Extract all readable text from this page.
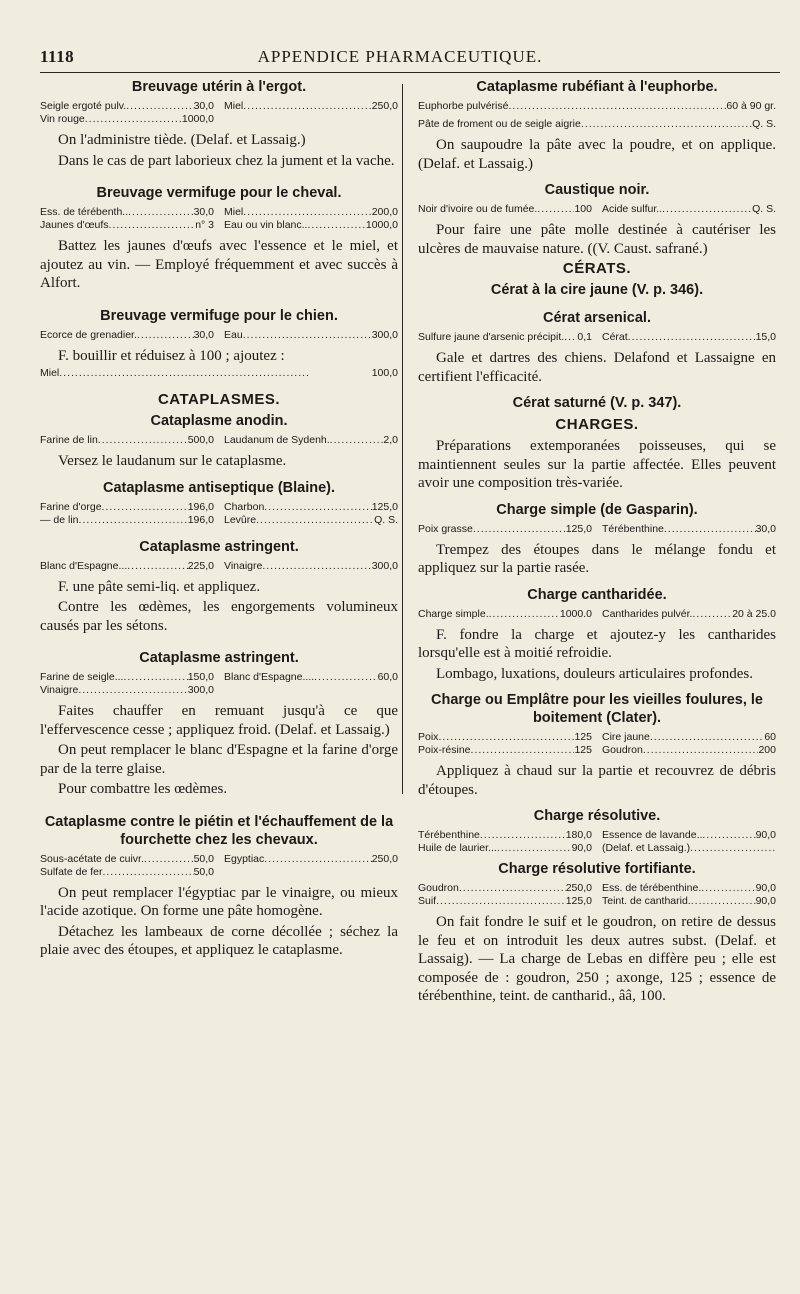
1118	APPENDICE PHARMACEUTIQUE.
Breuvage utérin à l'ergot.
Seigle ergoté pulv. .....	30,0 Miel .....	250,0
Vin rouge .....	1000,0

On l'administre tiède. (Delaf. et Lassaig.)

Dans le cas de part laborieux chez la jument et la vache.

Breuvage vermifuge pour le cheval.
Ess. de térébenth.. .....	30,0 Miel .....	200,0
Jaunes d'œufs .....	n° 3 Eau ou vin blanc.. .....	1000,0

Battez les jaunes d'œufs avec l'essence et le miel, et ajoutez au vin. — Employé fréquemment et avec succès à Alfort.

Breuvage vermifuge pour le chien.
Ecorce de grenadier. .....	30,0 Eau .....	300,0

F. bouillir et réduisez à 100 ; ajoutez :

Miel .....	100,0
CATAPLASMES.
Cataplasme anodin.
Farine de lin .....	500,0 Laudanum de Sydenh. .....	2,0

Versez le laudanum sur le cataplasme.

Cataplasme antiseptique (Blaine).
Farine d'orge .....	196,0 Charbon .....	125,0
— de lin .....	196,0 Levûre .....	Q. S.
Cataplasme astringent.
Blanc d'Espagne... .....	225,0 Vinaigre .....	300,0

F. une pâte semi-liq. et appliquez.

Contre les œdèmes, les engorgements volumineux causés par les sétons.

Cataplasme astringent.
Farine de seigle... .....	150,0 Blanc d'Espagne.... .....	60,0
Vinaigre .....	300,0

Faites chauffer en remuant jusqu'à ce que l'effervescence cesse ; appliquez froid. (Delaf. et Lassaig.)

On peut remplacer le blanc d'Espagne et la farine d'orge par de la terre glaise.

Pour combattre les œdèmes.

Cataplasme contre le piétin et l'échauffement de la fourchette chez les chevaux.
Sous-acétate de cuivr. .....	50,0 Egyptiac .....	250,0
Sulfate de fer .....	50,0

On peut remplacer l'égyptiac par le vinaigre, ou mieux l'acide azotique. On forme une pâte homogène.

Détachez les lambeaux de corne décollée ; séchez la plaie avec des étoupes, et appliquez le cataplasme.

Cataplasme rubéfiant à l'euphorbe.
Euphorbe pulvérisé .....	60 à 90 gr.
Pâte de froment ou de seigle aigrie .....	Q. S.

On saupoudre la pâte avec la poudre, et on applique. (Delaf. et Lassaig.)

Caustique noir.
Noir d'ivoire ou de fumée. .....	100 Acide sulfur.. .....	Q. S.

Pour faire une pâte molle destinée à cautériser les ulcères de mauvaise nature. ((V. Caust. safrané.)

CÉRATS.
Cérat à la cire jaune (V. p. 346).
Cérat arsenical.
Sulfure jaune d'arsenic précipit. ..... 0,1 Cérat .....	15,0

Gale et dartres des chiens. Delafond et Lassaigne en certifient l'efficacité.

Cérat saturné (V. p. 347).
CHARGES.

Préparations extemporanées poisseuses, qui se maintiennent seules sur la partie affectée. Elles peuvent avoir une composition très-variée.

Charge simple (de Gasparin).
Poix grasse .....	125,0 Térébenthine .....	30,0

Trempez des étoupes dans le mélange fondu et appliquez sur la partie rasée.

Charge cantharidée.
Charge simple. .....	1000.0 Cantharides pulvér. .....	20 à 25.0

F. fondre la charge et ajoutez-y les cantharides lorsqu'elle est à moitié refroidie.

Lombago, luxations, douleurs articulaires profondes.

Charge ou Emplâtre pour les vieilles foulures, le boitement (Clater).
Poix .....	125 Cire jaune .....	60
Poix-résine .....	125 Goudron .....	200

Appliquez à chaud sur la partie et recouvrez de débris d'étoupes.

Charge résolutive.
Térébenthine .....	180,0 Essence de lavande.. .....	90,0
Huile de laurier... .....	90,0 (Delaf. et Lassaig.)
.....
Charge résolutive fortifiante.
Goudron .....	250,0 Ess. de térébenthine. .....	90,0
Suif .....	125,0 Teint. de cantharid. .....	90,0

On fait fondre le suif et le goudron, on retire de dessus le feu et on introduit les deux autres subst. (Delaf. et Lassaig). — La charge de Lebas en diffère peu ; elle est composée de : goudron, 250 ; axonge, 125 ; essence de térébenthine, teint. de cantharid., ââ, 100.
